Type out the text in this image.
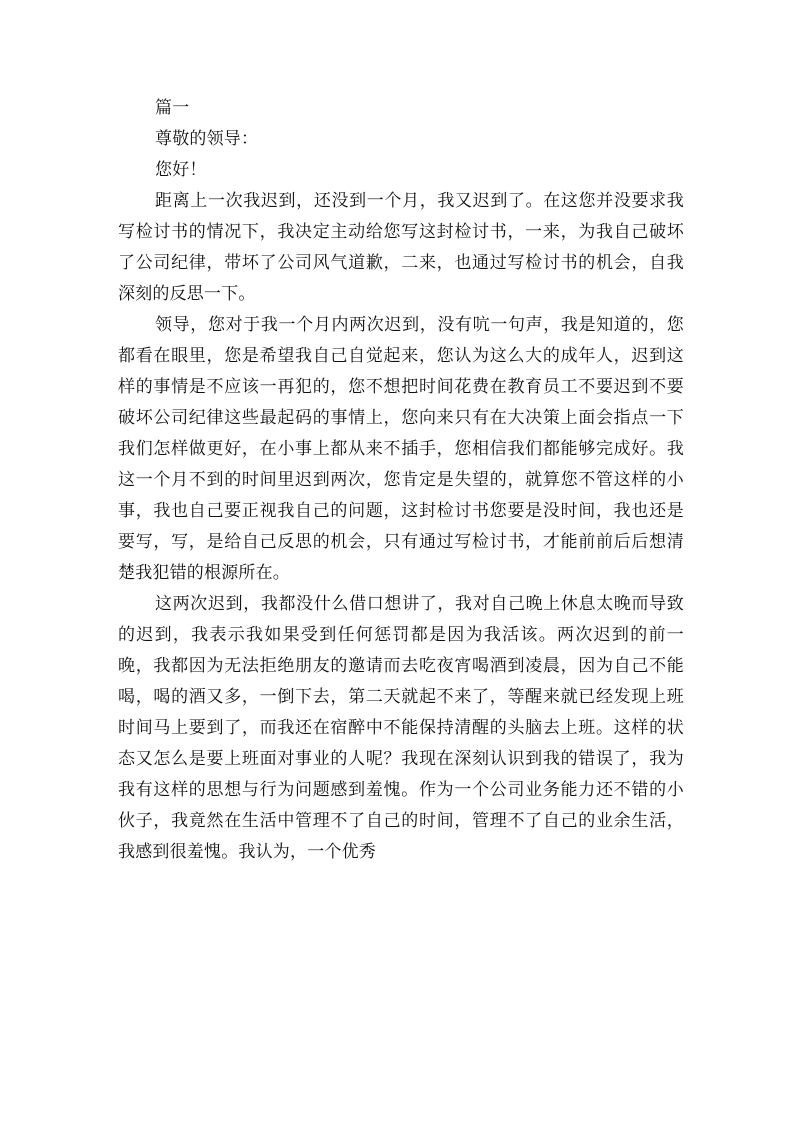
篇一

尊敬的领导：

您好！

距离上一次我迟到，还没到一个月，我又迟到了。在这您并没要求我写检讨书的情况下，我决定主动给您写这封检讨书，一来，为我自己破坏了公司纪律，带坏了公司风气道歉，二来，也通过写检讨书的机会，自我深刻的反思一下。

领导，您对于我一个月内两次迟到，没有吭一句声，我是知道的，您都看在眼里，您是希望我自己自觉起来，您认为这么大的成年人，迟到这样的事情是不应该一再犯的，您不想把时间花费在教育员工不要迟到不要破坏公司纪律这些最起码的事情上，您向来只有在大决策上面会指点一下我们怎样做更好，在小事上都从来不插手，您相信我们都能够完成好。我这一个月不到的时间里迟到两次，您肯定是失望的，就算您不管这样的小事，我也自己要正视我自己的问题，这封检讨书您要是没时间，我也还是要写，写，是给自己反思的机会，只有通过写检讨书，才能前前后后想清楚我犯错的根源所在。

这两次迟到，我都没什么借口想讲了，我对自己晚上休息太晚而导致的迟到，我表示我如果受到任何惩罚都是因为我活该。两次迟到的前一晚，我都因为无法拒绝朋友的邀请而去吃夜宵喝酒到凌晨，因为自己不能喝，喝的酒又多，一倒下去，第二天就起不来了，等醒来就已经发现上班时间马上要到了，而我还在宿醉中不能保持清醒的头脑去上班。这样的状态又怎么是要上班面对事业的人呢？我现在深刻认识到我的错误了，我为我有这样的思想与行为问题感到羞愧。作为一个公司业务能力还不错的小伙子，我竟然在生活中管理不了自己的时间，管理不了自己的业余生活，我感到很羞愧。我认为，一个优秀
